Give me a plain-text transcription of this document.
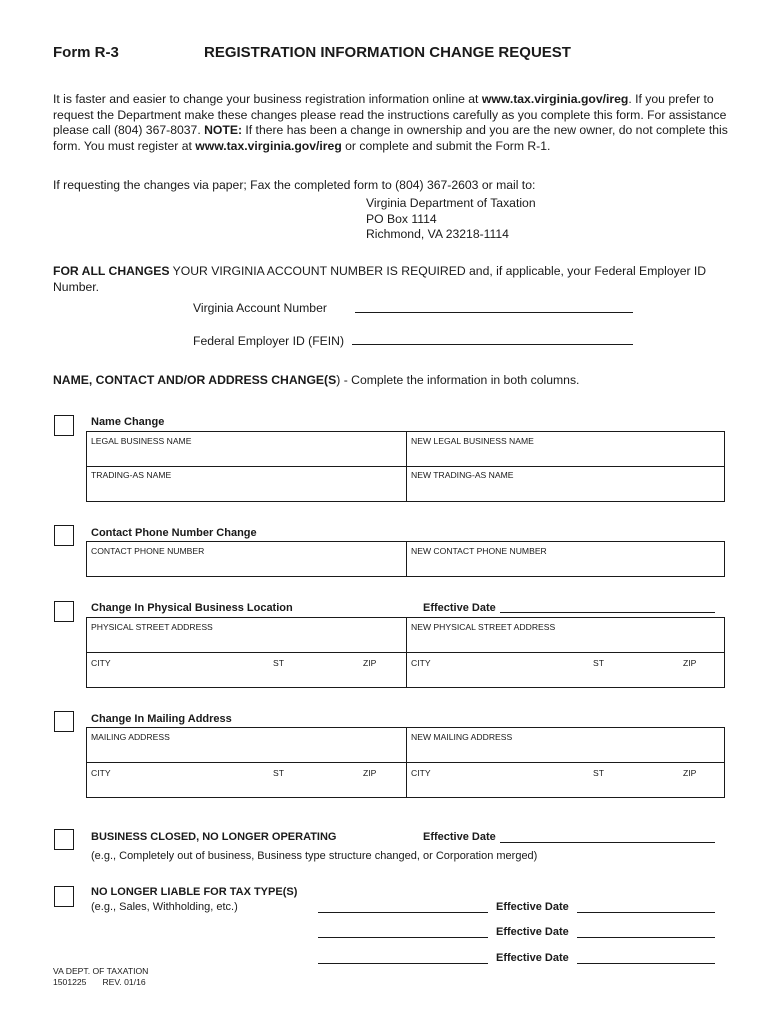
Form R-3	REGISTRATION INFORMATION CHANGE REQUEST
It is faster and easier to change your business registration information online at www.tax.virginia.gov/ireg. If you prefer to request the Department make these changes please read the instructions carefully as you complete this form. For assistance please call (804) 367-8037. NOTE: If there has been a change in ownership and you are the new owner, do not complete this form. You must register at www.tax.virginia.gov/ireg or complete and submit the Form R-1.
If requesting the changes via paper; Fax the completed form to (804) 367-2603 or mail to:
Virginia Department of Taxation
PO Box 1114
Richmond, VA 23218-1114
FOR ALL CHANGES YOUR VIRGINIA ACCOUNT NUMBER IS REQUIRED and, if applicable, your Federal Employer ID Number.
Virginia Account Number
Federal Employer ID (FEIN)
NAME, CONTACT AND/OR ADDRESS CHANGE(S) - Complete the information in both columns.
Name Change
LEGAL BUSINESS NAME	NEW LEGAL BUSINESS NAME
TRADING-AS NAME	NEW TRADING-AS NAME
Contact Phone Number Change
CONTACT PHONE NUMBER	NEW CONTACT PHONE NUMBER
Change In Physical Business Location	Effective Date
PHYSICAL STREET ADDRESS	NEW PHYSICAL STREET ADDRESS
CITY	ST	ZIP	CITY	ST	ZIP
Change In Mailing Address
MAILING ADDRESS	NEW MAILING ADDRESS
CITY	ST	ZIP	CITY	ST	ZIP
BUSINESS CLOSED, NO LONGER OPERATING	Effective Date
(e.g., Completely out of business, Business type structure changed, or Corporation merged)
NO LONGER LIABLE FOR TAX TYPE(S)
(e.g., Sales, Withholding, etc.)	Effective Date
Effective Date
Effective Date
VA DEPT. OF TAXATION
1501225 REV. 01/16
